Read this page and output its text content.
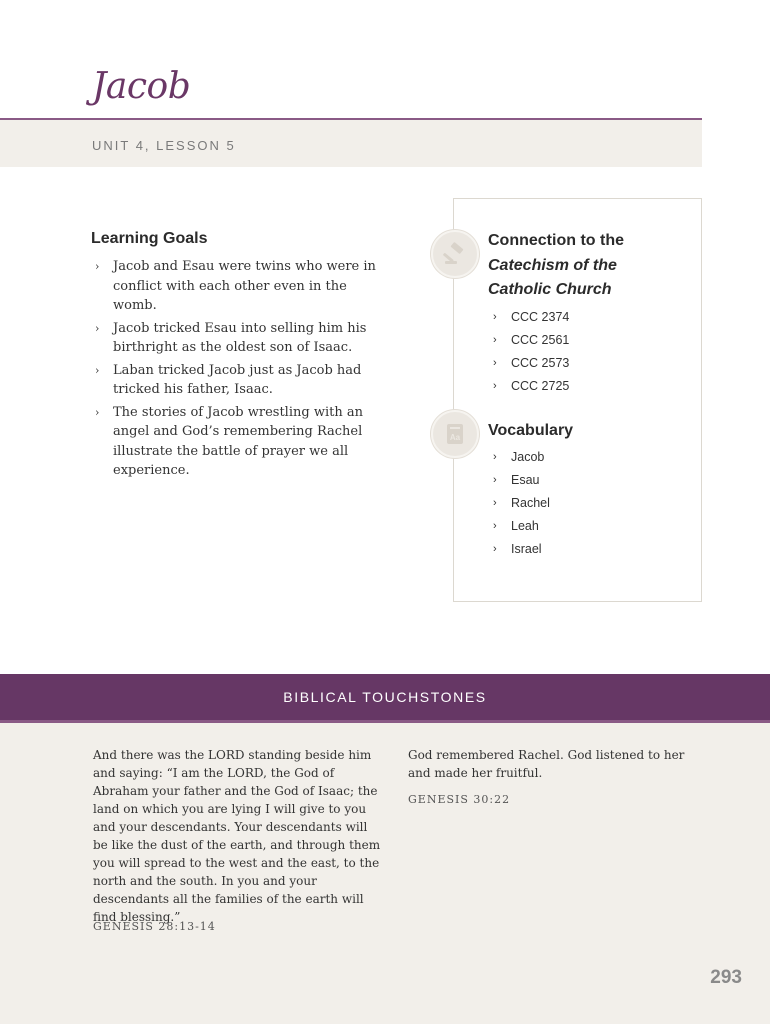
Jacob
UNIT 4, LESSON 5
Learning Goals
› Jacob and Esau were twins who were in conflict with each other even in the womb.
› Jacob tricked Esau into selling him his birthright as the oldest son of Isaac.
› Laban tricked Jacob just as Jacob had tricked his father, Isaac.
› The stories of Jacob wrestling with an angel and God’s remembering Rachel illustrate the battle of prayer we all experience.
Connection to the
Catechism of the
Catholic Church
› CCC 2374
› CCC 2561
› CCC 2573
› CCC 2725
Aa Vocabulary
› Jacob
› Esau
› Rachel
› Leah
› Israel
BIBLICAL TOUCHSTONES
And there was the LORD standing beside him and saying: “I am the LORD, the God of Abraham your father and the God of Isaac; the land on which you are lying I will give to you and your descendants. Your descendants will be like the dust of the earth, and through them you will spread to the west and the east, to the north and the south. In you and your descendants all the families of the earth will find blessing.”
GENESIS 28:13-14
God remembered Rachel. God listened to her and made her fruitful.
GENESIS 30:22
293
